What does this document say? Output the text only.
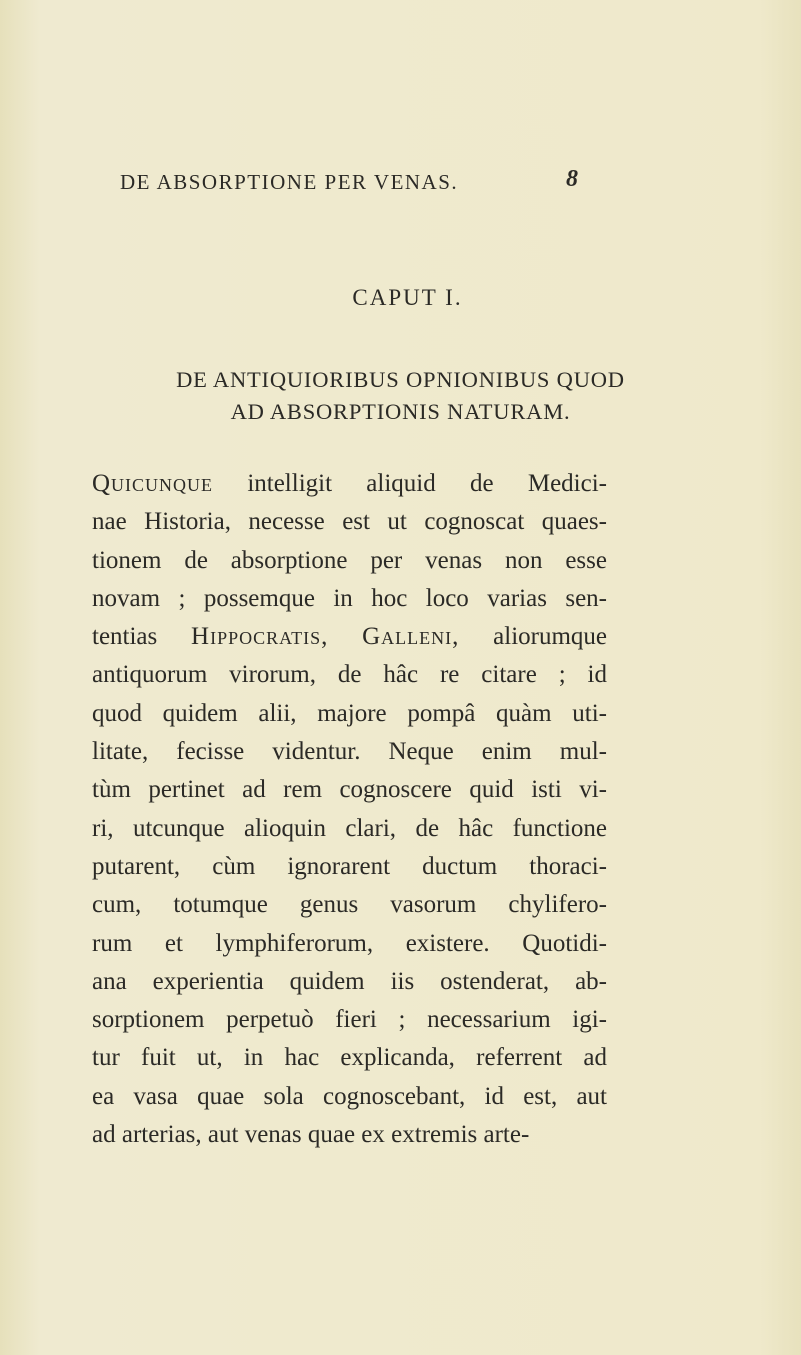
DE ABSORPTIONE PER VENAS.	8
CAPUT I.
DE ANTIQUIORIBUS OPNIONIBUS QUOD
AD ABSORPTIONIS NATURAM.
Quicunque intelligit aliquid de Medici-
nae Historia, necesse est ut cognoscat quaes-
tionem de absorptione per venas non esse
novam ; possemque in hoc loco varias sen-
tentias Hippocratis, Galleni, aliorumque
antiquorum virorum, de hâc re citare ; id
quod quidem alii, majore pompâ quàm uti-
litate, fecisse videntur. Neque enim mul-
tùm pertinet ad rem cognoscere quid isti vi-
ri, utcunque alioquin clari, de hâc functione
putarent, cùm ignorarent ductum thoraci-
cum, totumque genus vasorum chylifero-
rum et lymphiferorum, existere. Quotidi-
ana experientia quidem iis ostenderat, ab-
sorptionem perpetuò fieri ; necessarium igi-
tur fuit ut, in hac explicanda, referrent ad
ea vasa quae sola cognoscebant, id est, aut
ad arterias, aut venas quae ex extremis arte-
